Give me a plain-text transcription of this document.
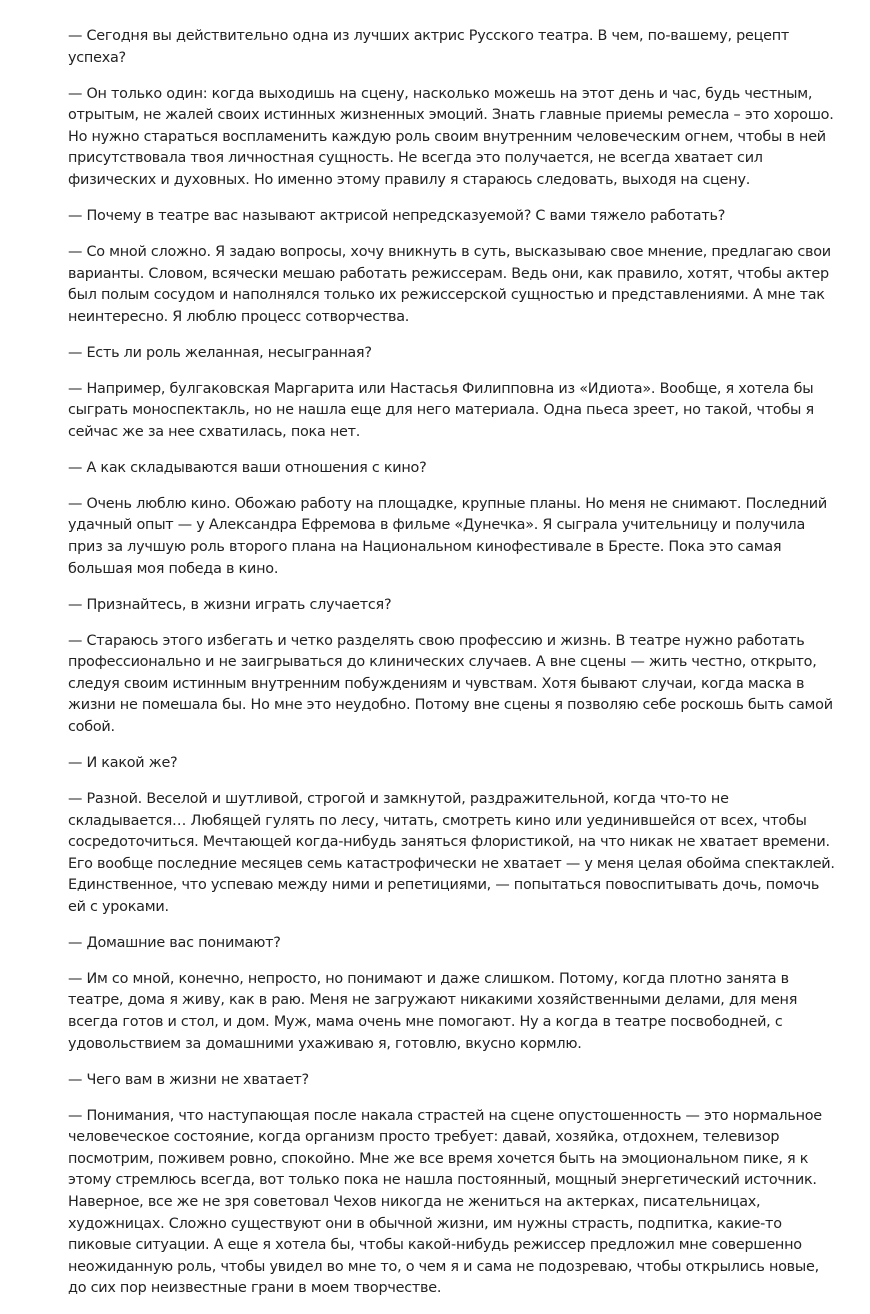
— Сегодня вы действительно одна из лучших актрис Русского театра. В чем, по-вашему, рецепт успеха?

— Он только один: когда выходишь на сцену, насколько можешь на этот день и час, будь честным, отрытым, не жалей своих истинных жизненных эмоций. Знать главные приемы ремесла – это хорошо. Но нужно стараться воспламенить каждую роль своим внутренним человеческим огнем, чтобы в ней присутствовала твоя личностная сущность. Не всегда это получается, не всегда хватает сил физических и духовных. Но именно этому правилу я стараюсь следовать, выходя на сцену.

— Почему в театре вас называют актрисой непредсказуемой? С вами тяжело работать?

— Со мной сложно. Я задаю вопросы, хочу вникнуть в суть, высказываю свое мнение, предлагаю свои варианты. Словом, всячески мешаю работать режиссерам. Ведь они, как правило, хотят, чтобы актер был полым сосудом и наполнялся только их режиссерской сущностью и представлениями. А мне так неинтересно. Я люблю процесс сотворчества.

— Есть ли роль желанная, несыгранная?

— Например, булгаковская Маргарита или Настасья Филипповна из «Идиота». Вообще, я хотела бы сыграть моноспектакль, но не нашла еще для него материала. Одна пьеса зреет, но такой, чтобы я сейчас же за нее схватилась, пока нет.

— А как складываются ваши отношения с кино?

— Очень люблю кино. Обожаю работу на площадке, крупные планы. Но меня не снимают. Последний удачный опыт — у Александра Ефремова в фильме «Дунечка». Я сыграла учительницу и получила приз за лучшую роль второго плана на Национальном кинофестивале в Бресте. Пока это самая большая моя победа в кино.

— Признайтесь, в жизни играть случается?

— Стараюсь этого избегать и четко разделять свою профессию и жизнь. В театре нужно работать профессионально и не заигрываться до клинических случаев. А вне сцены — жить честно, открыто, следуя своим истинным внутренним побуждениям и чувствам. Хотя бывают случаи, когда маска в жизни не помешала бы. Но мне это неудобно. Потому вне сцены я позволяю себе роскошь быть самой собой.

— И какой же?

— Разной. Веселой и шутливой, строгой и замкнутой, раздражительной, когда что-то не складывается… Любящей гулять по лесу, читать, смотреть кино или уединившейся от всех, чтобы сосредоточиться. Мечтающей когда-нибудь заняться флористикой, на что никак не хватает времени. Его вообще последние месяцев семь катастрофически не хватает — у меня целая обойма спектаклей. Единственное, что успеваю между ними и репетициями, — попытаться повоспитывать дочь, помочь ей с уроками.

— Домашние вас понимают?

— Им со мной, конечно, непросто, но понимают и даже слишком. Потому, когда плотно занята в театре, дома я живу, как в раю. Меня не загружают никакими хозяйственными делами, для меня всегда готов и стол, и дом. Муж, мама очень мне помогают. Ну а когда в театре посвободней, с удовольствием за домашними ухаживаю я, готовлю, вкусно кормлю.

— Чего вам в жизни не хватает?

— Понимания, что наступающая после накала страстей на сцене опустошенность — это нормальное человеческое состояние, когда организм просто требует: давай, хозяйка, отдохнем, телевизор посмотрим, поживем ровно, спокойно. Мне же все время хочется быть на эмоциональном пике, я к этому стремлюсь всегда, вот только пока не нашла постоянный, мощный энергетический источник. Наверное, все же не зря советовал Чехов никогда не жениться на актерках, писательницах, художницах. Сложно существуют они в обычной жизни, им нужны страсть, подпитка, какие-то пиковые ситуации. А еще я хотела бы, чтобы какой-нибудь режиссер предложил мне совершенно неожиданную роль, чтобы увидел во мне то, о чем я и сама не подозреваю, чтобы открылись новые, до сих пор неизвестные грани в моем творчестве.
